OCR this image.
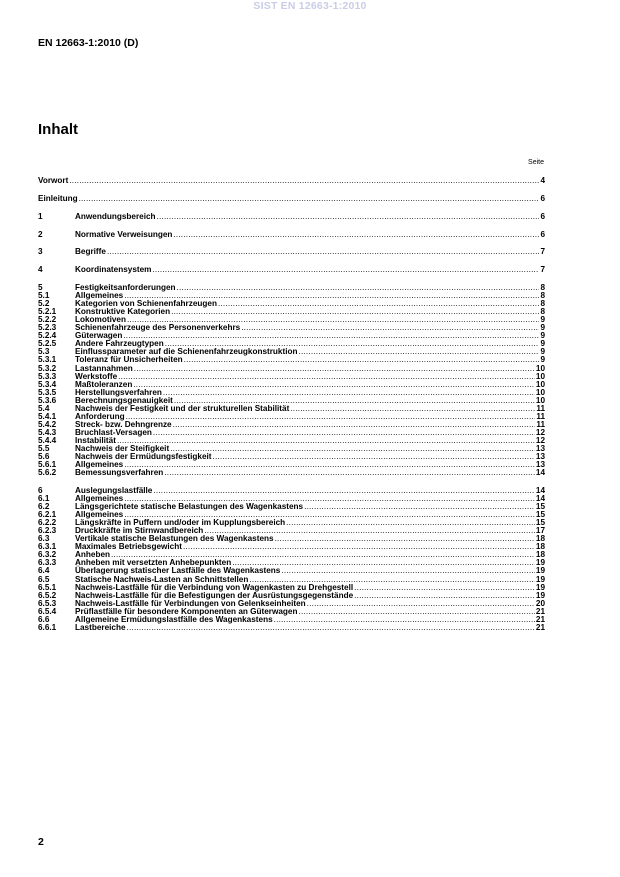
SIST EN 12663-1:2010
EN 12663-1:2010 (D)
Inhalt
Seite
Vorwort .....	4
Einleitung .....	6
1	Anwendungsbereich .....	6
2	Normative Verweisungen .....	6
3	Begriffe .....	7
4	Koordinatensystem .....	7
5	Festigkeitsanforderungen .....	8
5.1	Allgemeines .....	8
5.2	Kategorien von Schienenfahrzeugen .....	8
5.2.1	Konstruktive Kategorien .....	8
5.2.2	Lokomotiven .....	9
5.2.3	Schienenfahrzeuge des Personenverkehrs .....	9
5.2.4	Güterwagen .....	9
5.2.5	Andere Fahrzeugtypen .....	9
5.3	Einflussparameter auf die Schienenfahrzeugkonstruktion .....	9
5.3.1	Toleranz für Unsicherheiten .....	9
5.3.2	Lastannahmen .....	10
5.3.3	Werkstoffe .....	10
5.3.4	Maßtoleranzen .....	10
5.3.5	Herstellungsverfahren .....	10
5.3.6	Berechnungsgenauigkeit .....	10
5.4	Nachweis der Festigkeit und der strukturellen Stabilität .....	11
5.4.1	Anforderung .....	11
5.4.2	Streck- bzw. Dehngrenze .....	11
5.4.3	Bruchlast-Versagen .....	12
5.4.4	Instabilität .....	12
5.5	Nachweis der Steifigkeit .....	13
5.6	Nachweis der Ermüdungsfestigkeit .....	13
5.6.1	Allgemeines .....	13
5.6.2	Bemessungsverfahren .....	14
6	Auslegungslastfälle .....	14
6.1	Allgemeines .....	14
6.2	Längsgerichtete statische Belastungen des Wagenkastens .....	15
6.2.1	Allgemeines .....	15
6.2.2	Längskräfte in Puffern und/oder im Kupplungsbereich .....	15
6.2.3	Druckkräfte im Stirnwandbereich .....	17
6.3	Vertikale statische Belastungen des Wagenkastens .....	18
6.3.1	Maximales Betriebsgewicht .....	18
6.3.2	Anheben .....	18
6.3.3	Anheben mit versetzten Anhebepunkten .....	19
6.4	Überlagerung statischer Lastfälle des Wagenkastens .....	19
6.5	Statische Nachweis-Lasten an Schnittstellen .....	19
6.5.1	Nachweis-Lastfälle für die Verbindung von Wagenkasten zu Drehgestell .....	19
6.5.2	Nachweis-Lastfälle für die Befestigungen der Ausrüstungsgegenstände .....	19
6.5.3	Nachweis-Lastfälle für Verbindungen von Gelenkseinheiten .....	20
6.5.4	Prüflastfälle für besondere Komponenten an Güterwagen .....	21
6.6	Allgemeine Ermüdungslastfälle des Wagenkastens .....	21
6.6.1	Lastbereiche .....	21
2
